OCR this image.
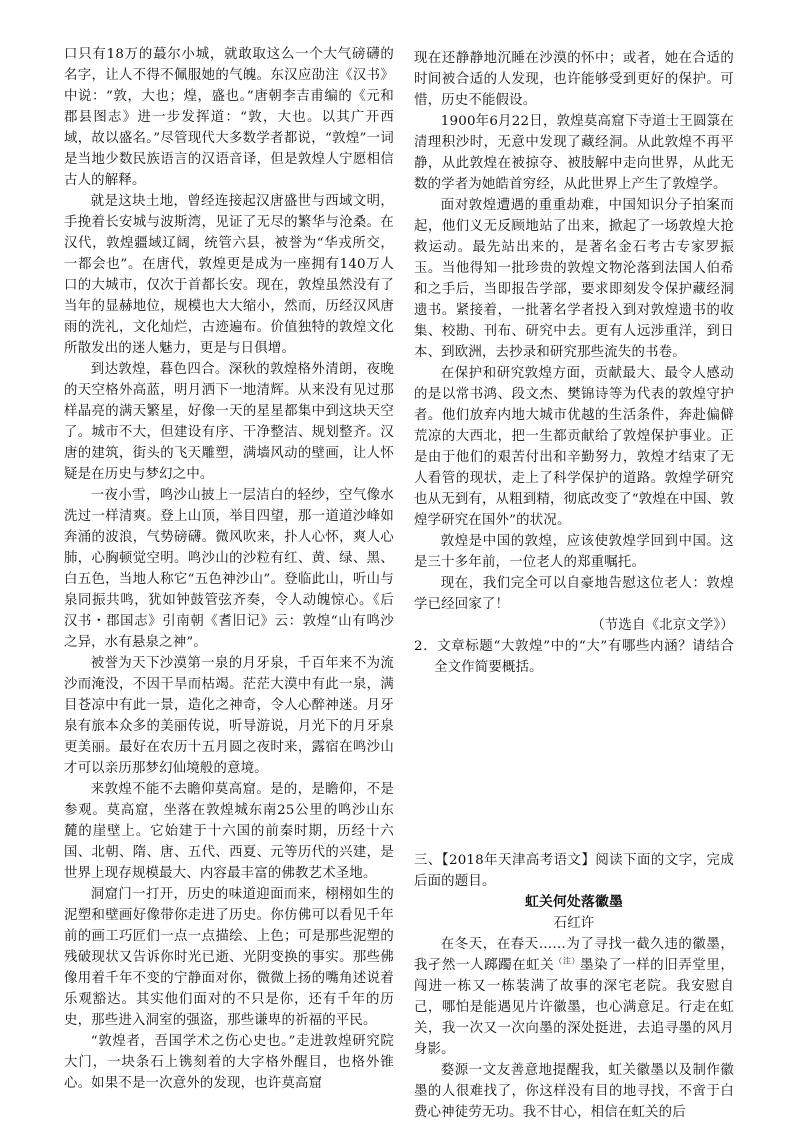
口只有18万的蕞尔小城，就敢取这么一个大气磅礴的名字，让人不得不佩服她的气魄。东汉应劭注《汉书》中说：“敦，大也；煌，盛也。”唐朝李吉甫编的《元和郡县图志》进一步发挥道：“敦，大也。以其广开西域，故以盛名。”尽管现代大多数学者都说，“敦煌”一词是当地少数民族语言的汉语音译，但是敦煌人宁愿相信古人的解释。

就是这块土地，曾经连接起汉唐盛世与西域文明，手挽着长安城与波斯湾，见证了无尽的繁华与沧桑。在汉代，敦煌疆域辽阔，统管六县，被誉为“华戎所交，一都会也”。在唐代，敦煌更是成为一座拥有140万人口的大城市，仅次于首都长安。现在，敦煌虽然没有了当年的显赫地位，规模也大大缩小，然而，历经汉风唐雨的洗礼，文化灿烂，古迹遍布。价值独特的敦煌文化所散发出的迷人魅力，更是与日俱增。

到达敦煌，暮色四合。深秋的敦煌格外清朗，夜晚的天空格外高蓝，明月洒下一地清辉。从来没有见过那样晶亮的满天繁星，好像一天的星星都集中到这块天空了。城市不大，但建设有序、干净整洁、规划整齐。汉唐的建筑，街头的飞天雕塑，满墙风动的壁画，让人怀疑是在历史与梦幻之中。

一夜小雪，鸣沙山披上一层洁白的轻纱，空气像水洗过一样清爽。登上山顶，举目四望，那一道道沙峰如奔涌的波浪，气势磅礴。微风吹来，扑人心怀，爽人心肺，心胸顿觉空明。鸣沙山的沙粒有红、黄、绿、黑、白五色，当地人称它“五色神沙山”。登临此山，听山与泉同振共鸣，犹如钟鼓管弦齐奏，令人动魄惊心。《后汉书・郡国志》引南朝《耆旧记》云：敦煌“山有鸣沙之异，水有悬泉之神”。

被誉为天下沙漠第一泉的月牙泉，千百年来不为流沙而淹没，不因干旱而枯竭。茫茫大漠中有此一泉，满目苍凉中有此一景，造化之神奇，令人心醉神迷。月牙泉有旅本众多的美丽传说，听导游说，月光下的月牙泉更美丽。最好在农历十五月圆之夜时来，露宿在鸣沙山才可以亲历那梦幻仙境般的意境。

来敦煌不能不去瞻仰莫高窟。是的，是瞻仰，不是参观。莫高窟，坐落在敦煌城东南25公里的鸣沙山东麓的崖壁上。它始建于十六国的前秦时期，历经十六国、北朝、隋、唐、五代、西夏、元等历代的兴建，是世界上现存规模最大、内容最丰富的佛教艺术圣地。

洞窟门一打开，历史的味道迎面而来，栩栩如生的泥塑和壁画好像带你走进了历史。你仿佛可以看见千年前的画工巧匠们一点一点描绘、上色；可是那些泥塑的残破现状又告诉你时光已逝、光阴变换的事实。那些佛像用着千年不变的宁静面对你，微微上扬的嘴角述说着乐观豁达。其实他们面对的不只是你，还有千年的历史，那些进入洞室的强盗，那些谦卑的祈福的平民。

“敦煌者，吾国学术之伤心史也。”走进敦煌研究院大门，一块条石上镌刻着的大字格外醒目，也格外锥心。如果不是一次意外的发现，也许莫高窟

现在还静静地沉睡在沙漠的怀中；或者，她在合适的时间被合适的人发现，也许能够受到更好的保护。可惜，历史不能假设。

1900年6月22日，敦煌莫高窟下寺道士王圆箓在清理积沙时，无意中发现了藏经洞。从此敦煌不再平静，从此敦煌在被掠夺、被肢解中走向世界，从此无数的学者为她皓首穷经，从此世界上产生了敦煌学。

面对敦煌遭遇的重重劫难，中国知识分子拍案而起，他们义无反顾地站了出来，掀起了一场敦煌大抢救运动。最先站出来的，是著名金石考古专家罗振玉。当他得知一批珍贵的敦煌文物沦落到法国人伯希和之手后，当即报告学部，要求即刻发令保护藏经洞遗书。紧接着，一批著名学者投入到对敦煌遗书的收集、校勘、刊布、研究中去。更有人远涉重洋，到日本、到欧洲，去抄录和研究那些流失的书卷。

在保护和研究敦煌方面，贡献最大、最令人感动的是以常书鸿、段文杰、樊锦诗等为代表的敦煌守护者。他们放弃内地大城市优越的生活条件，奔赴偏僻荒凉的大西北，把一生都贡献给了敦煌保护事业。正是由于他们的艰苦付出和辛勤努力，敦煌才结束了无人看管的现状，走上了科学保护的道路。敦煌学研究也从无到有，从粗到精，彻底改变了“敦煌在中国、敦煌学研究在国外”的状况。

敦煌是中国的敦煌，应该使敦煌学回到中国。这是三十多年前，一位老人的郑重嘱托。

现在，我们完全可以自豪地告慰这位老人：敦煌学已经回家了！

（节选自《北京文学》）

2．文章标题“大敦煌”中的“大”有哪些内涵？请结合全文作简要概括。

三、【2018年天津高考语文】阅读下面的文字，完成后面的题目。

虹关何处落徽墨

石红许

在冬天，在春天……为了寻找一截久违的徽墨，我孑然一人踯躅在虹关$^{(注)}$墨染了一样的旧弄堂里，闯进一栋又一栋装满了故事的深宅老院。我安慰自己，哪怕是能遇见片许徽墨，也心满意足。行走在虹关，我一次又一次向墨的深处挺进，去追寻墨的风月身影。

婺源一文友善意地提醒我，虹关徽墨以及制作徽墨的人很难找了，你这样没有目的地寻找，不啻于白费心神徒劳无功。我不甘心，相信在虹关的后
